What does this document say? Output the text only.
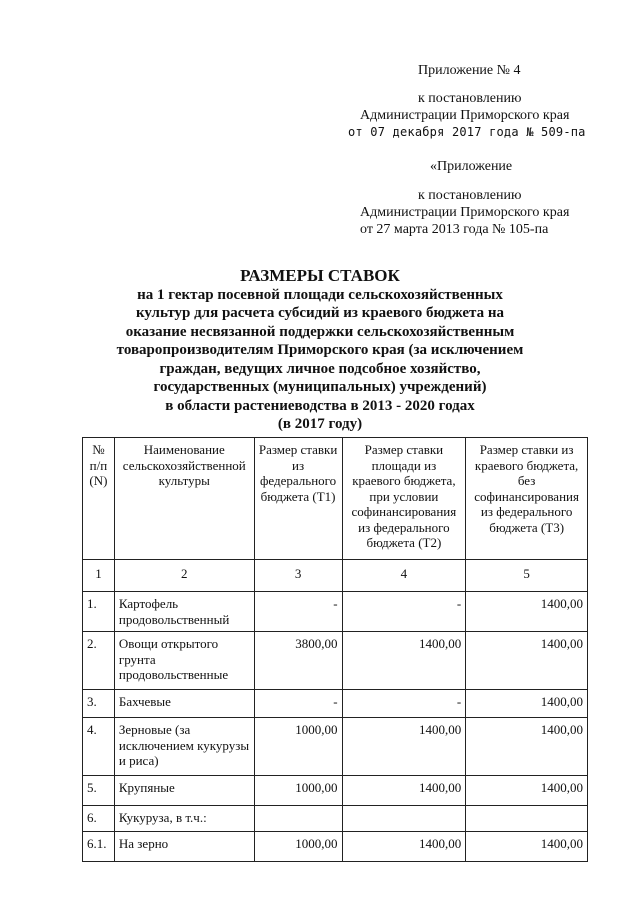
Приложение № 4
к постановлению
Администрации Приморского края
от 07 декабря 2017 года № 509-па
«Приложение
к постановлению
Администрации Приморского края
от 27 марта 2013 года № 105-па
РАЗМЕРЫ СТАВОК
на 1 гектар посевной площади сельскохозяйственных
культур для расчета субсидий из краевого бюджета на
оказание несвязанной поддержки сельскохозяйственным
товаропроизводителям Приморского края (за исключением
граждан, ведущих личное подсобное хозяйство,
государственных (муниципальных) учреждений)
в области растениеводства в 2013 - 2020 годах
(в 2017 году)
№ п/п (N)	Наименование сельскохозяйственной культуры	Размер ставки из федерального бюджета (Т1)	Размер ставки площади из краевого бюджета, при условии софинансирования из федерального бюджета (Т2)	Размер ставки из краевого бюджета, без софинансирования из федерального бюджета (Т3)
1	2	3	4	5
1.	Картофель продовольственный	-	-	1400,00
2.	Овощи открытого грунта продовольственные	3800,00	1400,00	1400,00
3.	Бахчевые	-	-	1400,00
4.	Зерновые (за исключением кукурузы и риса)	1000,00	1400,00	1400,00
5.	Крупяные	1000,00	1400,00	1400,00
6.	Кукуруза, в т.ч.:			
6.1.	На зерно	1000,00	1400,00	1400,00
